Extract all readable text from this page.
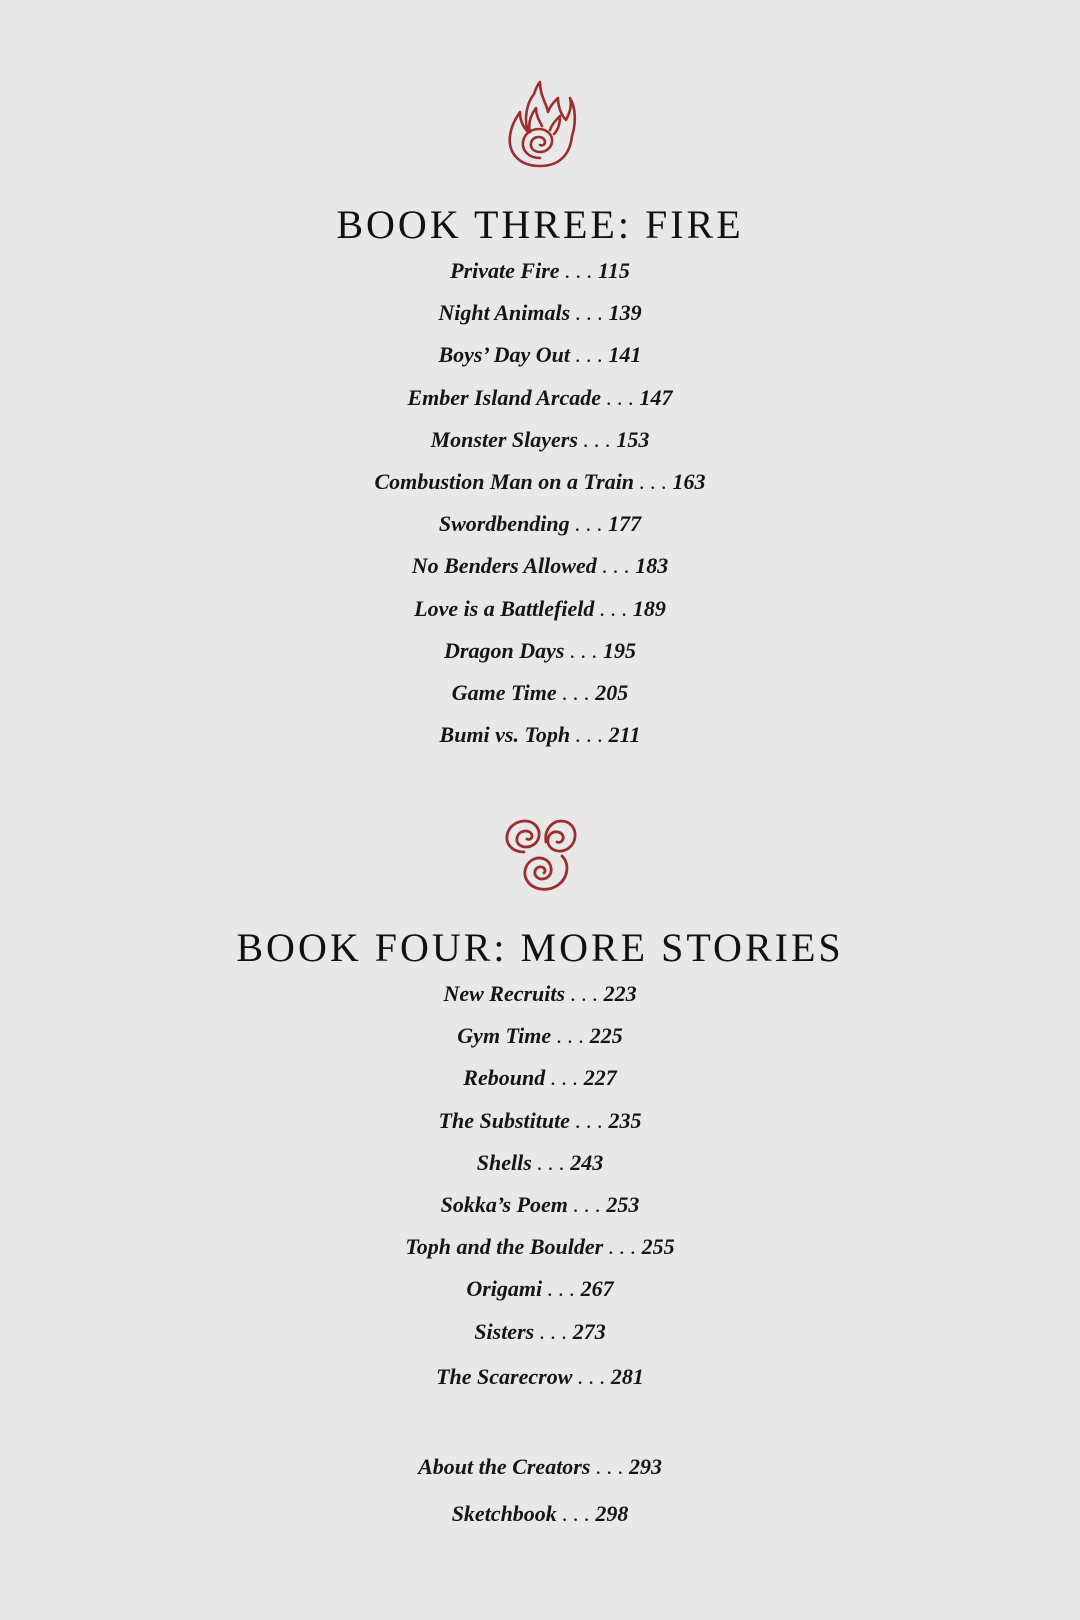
BOOK THREE: FIRE
Private Fire . . . 115
Night Animals . . . 139
Boys’ Day Out . . . 141
Ember Island Arcade . . . 147
Monster Slayers . . . 153
Combustion Man on a Train . . . 163
Swordbending . . . 177
No Benders Allowed . . . 183
Love is a Battlefield . . . 189
Dragon Days . . . 195
Game Time . . . 205
Bumi vs. Toph . . . 211
BOOK FOUR: MORE STORIES
New Recruits . . . 223
Gym Time . . . 225
Rebound . . . 227
The Substitute . . . 235
Shells . . . 243
Sokka’s Poem . . . 253
Toph and the Boulder . . . 255
Origami . . . 267
Sisters . . . 273
The Scarecrow . . . 281
About the Creators . . . 293
Sketchbook . . . 298
